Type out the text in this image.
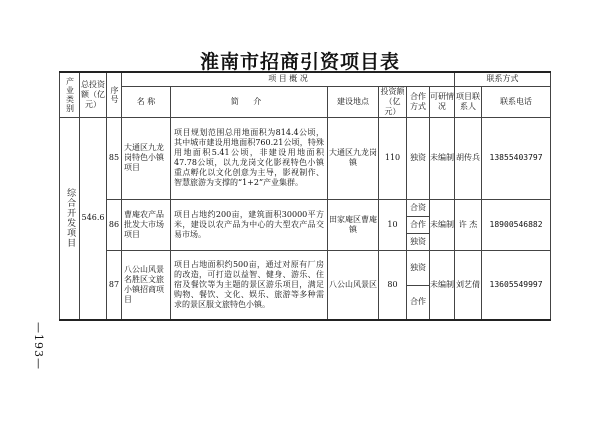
淮南市招商引资项目表
—193—
产业类别	总投资额（亿元）	序号	项 目 概 况						联系方式	
			名 称	简 介	建设地点	投资额（亿元）	合作方式	可研情况	项目联系人	联系电话

综合开发项目	546.6	85	大通区九龙岗特色小镇项目	项目规划范围总用地面积为814.4公顷，其中城市建设用地面积760.21公顷，特殊用地面积5.41公顷，非建设用地面积47.78公顷，以九龙岗文化影视特色小镇重点孵化以文化创意为主导，影视制作、智慧旅游为支撑的“1+2”产业集群。	大通区九龙岗镇	110	独资	未编制	胡传兵	13855403797
		86	曹庵农产品批发大市场项目	项目占地约200亩，建筑面积30000平方米，建设以农产品为中心的大型农产品交易市场。	田家庵区曹庵镇	10	合资	未编制	许 杰	18900546882
							合作			
							独资			
		87	八公山风景名胜区文旅小镇招商项目	项目占地面积约500亩，通过对原有厂房的改造，可打造以益智、健身、游乐、住宿及餐饮等为主题的景区游乐项目，满足购物、餐饮、文化、娱乐、旅游等多种需求的景区服文旅特色小镇。	八公山风景区	80	独资	未编制	刘艺倩	13605549997
							合作			
